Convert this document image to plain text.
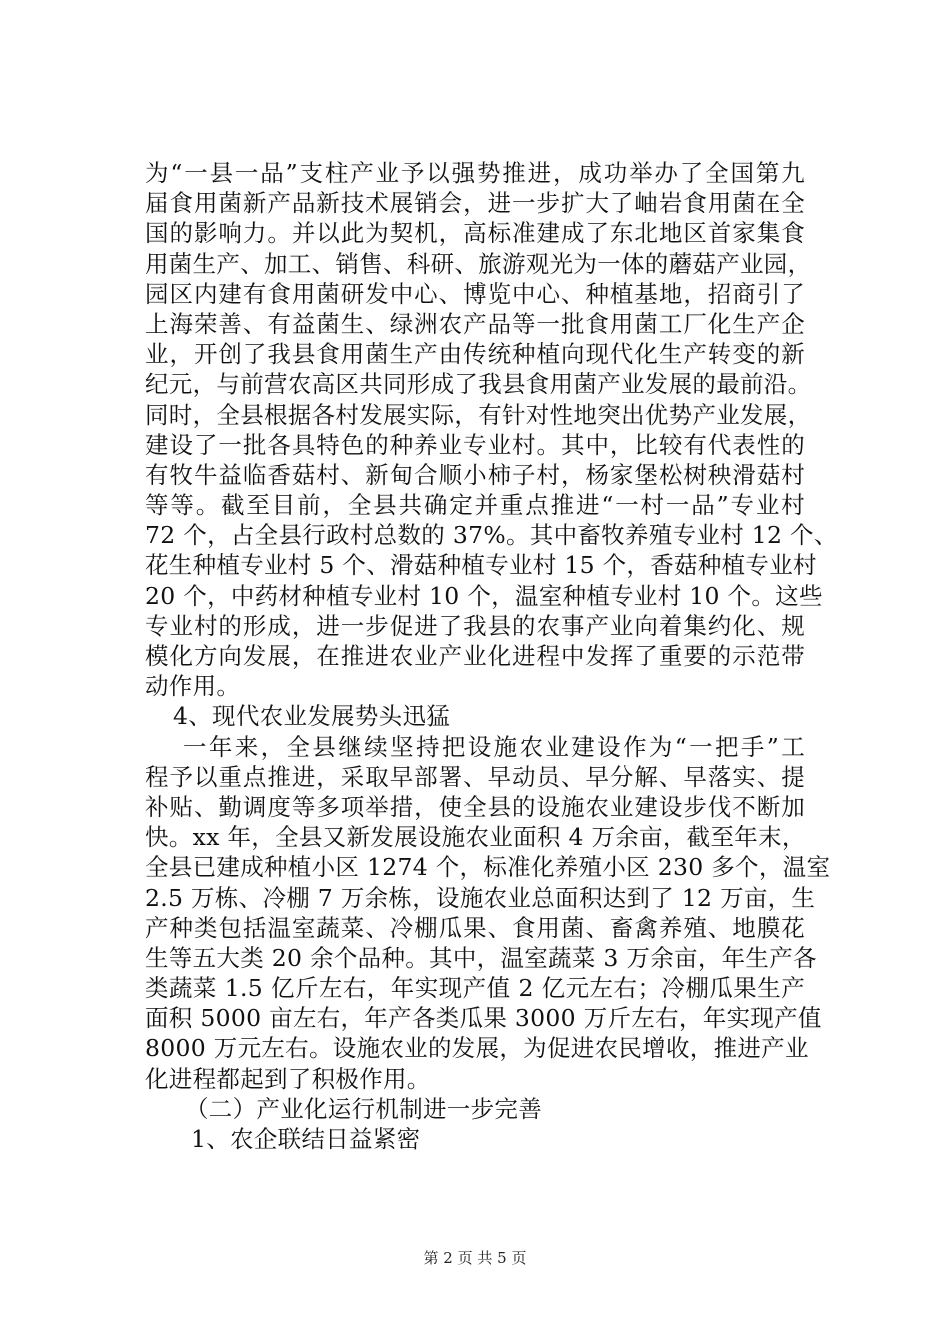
为“一县一品”支柱产业予以强势推进，成功举办了全国第九
届食用菌新产品新技术展销会，进一步扩大了岫岩食用菌在全
国的影响力。并以此为契机，高标准建成了东北地区首家集食
用菌生产、加工、销售、科研、旅游观光为一体的蘑菇产业园，
园区内建有食用菌研发中心、博览中心、种植基地，招商引了
上海荣善、有益菌生、绿洲农产品等一批食用菌工厂化生产企
业，开创了我县食用菌生产由传统种植向现代化生产转变的新
纪元，与前营农高区共同形成了我县食用菌产业发展的最前沿。
同时，全县根据各村发展实际，有针对性地突出优势产业发展，
建设了一批各具特色的种养业专业村。其中，比较有代表性的
有牧牛益临香菇村、新甸合顺小柿子村，杨家堡松树秧滑菇村
等等。截至目前，全县共确定并重点推进“一村一品”专业村
72 个，占全县行政村总数的 37%。其中畜牧养殖专业村 12 个、
花生种植专业村 5 个、滑菇种植专业村 15 个，香菇种植专业村
20 个，中药材种植专业村 10 个，温室种植专业村 10 个。这些
专业村的形成，进一步促进了我县的农事产业向着集约化、规
模化方向发展，在推进农业产业化进程中发挥了重要的示范带
动作用。
4、现代农业发展势头迅猛
一年来，全县继续坚持把设施农业建设作为“一把手”工
程予以重点推进，采取早部署、早动员、早分解、早落实、提
补贴、勤调度等多项举措，使全县的设施农业建设步伐不断加
快。xx 年，全县又新发展设施农业面积 4 万余亩，截至年末，
全县已建成种植小区 1274 个，标准化养殖小区 230 多个，温室
2.5 万栋、冷棚 7 万余栋，设施农业总面积达到了 12 万亩，生
产种类包括温室蔬菜、冷棚瓜果、食用菌、畜禽养殖、地膜花
生等五大类 20 余个品种。其中，温室蔬菜 3 万余亩，年生产各
类蔬菜 1.5 亿斤左右，年实现产值 2 亿元左右；冷棚瓜果生产
面积 5000 亩左右，年产各类瓜果 3000 万斤左右，年实现产值
8000 万元左右。设施农业的发展，为促进农民增收，推进产业
化进程都起到了积极作用。
（二）产业化运行机制进一步完善
1、农企联结日益紧密
第 2 页 共 5 页
